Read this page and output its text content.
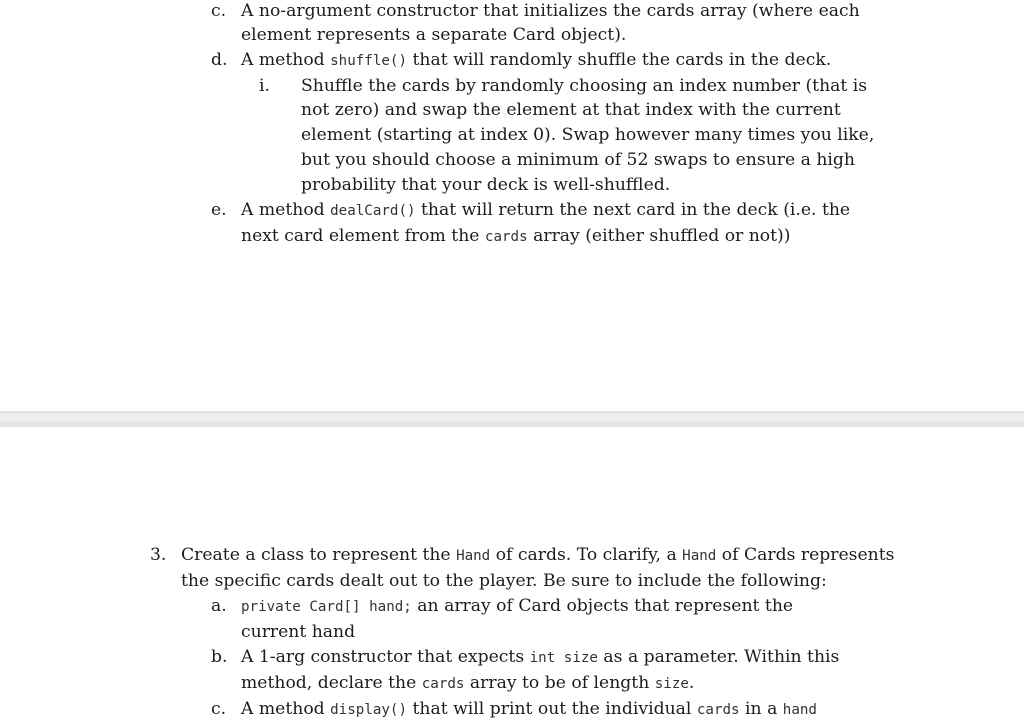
c. A no-argument constructor that initializes the cards array (where each
element represents a separate Card object).
d. A method shuffle() that will randomly shuffle the cards in the deck.
i. Shuffle the cards by randomly choosing an index number (that is
not zero) and swap the element at that index with the current
element (starting at index 0). Swap however many times you like,
but you should choose a minimum of 52 swaps to ensure a high
probability that your deck is well-shuffled.
e. A method dealCard() that will return the next card in the deck (i.e. the
next card element from the cards array (either shuffled or not))
3. Create a class to represent the Hand of cards. To clarify, a Hand of Cards represents
the specific cards dealt out to the player. Be sure to include the following:
a. private Card[] hand; an array of Card objects that represent the
current hand
b. A 1-arg constructor that expects int size as a parameter. Within this
method, declare the cards array to be of length size.
c. A method display() that will print out the individual cards in a hand
